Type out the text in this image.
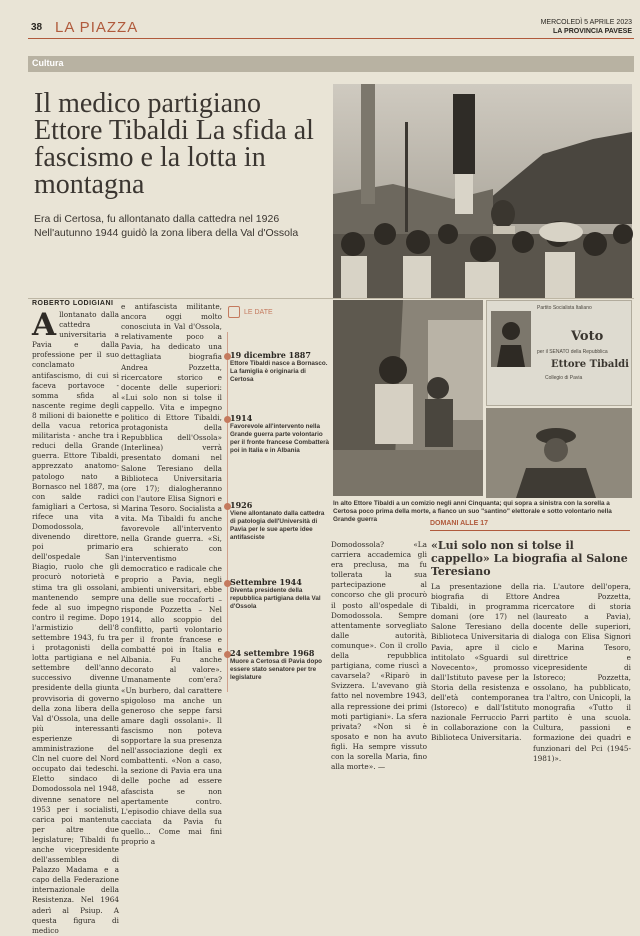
38 LA PIAZZA	MERCOLEDÌ 5 APRILE 2023
LA PROVINCIA PAVESE
Cultura
Il medico partigiano Ettore Tibaldi La sfida al fascismo e la lotta in montagna
Era di Certosa, fu allontanato dalla cattedra nel 1926 Nell'autunno 1944 guidò la zona libera della Val d'Ossola
ROBERTO LODIGIANI
Allontanato dalla cattedra universitaria a Pavia e dalla professione per il suo conclamato antifascismo, di cui si faceva portavoce - somma sfida al nascente regime degli 8 milioni di baionette e della vacua retorica militarista - anche tra i reduci della Grande guerra. Ettore Tibaldi, apprezzato anatomo-patologo nato a Bornasco nel 1887, ma con salde radici famigliari a Certosa, si rifece una vita a Domodossola, divenendo direttore, poi primario dell'ospedale San Biagio, ruolo che gli procurò notorietà e stima tra gli ossolani, mantenendo sempre fede al suo impegno contro il regime. Dopo l'armistizio dell'8 settembre 1943, fu tra i protagonisti della lotta partigiana e nel settembre dell'anno successivo divenne presidente della giunta provvisoria di governo della zona libera della Val d'Ossola, una delle più interessanti esperienze di amministrazione del Cln nel cuore del Nord occupato dai tedeschi. Eletto sindaco di Domodossola nel 1948, divenne senatore nel 1953 per i socialisti, carica poi mantenuta per altre due legislature; Tibaldi fu anche vicepresidente dell'assemblea di Palazzo Madama e a capo della Federazione internazionale della Resistenza. Nel 1964 aderì al Psiup. A questa figura di medico
e antifascista militante, ancora oggi molto conosciuta in Val d'Ossola, relativamente poco a Pavia, ha dedicato una dettagliata biografia Andrea Pozzetta, ricercatore storico e docente delle superiori: «Lui solo non si tolse il cappello. Vita e impegno politico di Ettore Tibaldi, protagonista della Repubblica dell'Ossola» (Interlinea) verrà presentato domani nel Salone Teresiano della Biblioteca Universitaria (ore 17); dialogheranno con l'autore Elisa Signori e Marina Tesoro. Socialista a vita. Ma Tibaldi fu anche favorevole all'intervento nella Grande guerra. «Si, era schierato con l'interventismo democratico e radicale che proprio a Pavia, negli ambienti universitari, ebbe una delle sue roccaforti – risponde Pozzetta – Nel 1914, allo scoppio del conflitto, partì volontario per il fronte francese e combatté poi in Italia e Albania. Fu anche decorato al valore». Umanamente com'era? «Un burbero, dal carattere spigoloso ma anche un generoso che seppe farsi amare dagli ossolani». Il fascismo non poteva sopportare la sua presenza nell'associazione degli ex combattenti. «Non a caso, la sezione di Pavia era una delle poche ad essere afascista se non apertamente contro. L'episodio chiave della sua cacciata da Pavia fu quello... Come mai fini proprio a
LE DATE
19 dicembre 1887
Ettore Tibaldi nasce a Bornasco. La famiglia è originaria di Certosa
1914
Favorevole all'intervento nella Grande guerra parte volontario per il fronte francese Combatterà poi in Italia e in Albania
1926
Viene allontanato dalla cattedra di patologia dell'Università di Pavia per le sue aperte idee antifasciste
Settembre 1944
Diventa presidente della repubblica partigiana della Val d'Ossola
24 settembre 1968
Muore a Certosa di Pavia dopo essere stato senatore per tre legislature
Partito Socialista Italiano
Voto
per il SENATO della Repubblica
Ettore Tibaldi
Collegio di Pavia
In alto Ettore Tibaldi a un comizio negli anni Cinquanta; qui sopra a sinistra con la sorella a Certosa poco prima della morte, a fianco un suo "santino" elettorale e sotto volontario nella Grande guerra
Domodossola? «La carriera accademica gli era preclusa, ma fu tollerata la sua partecipazione al concorso che gli procurò il posto all'ospedale di Domodossola. Sempre attentamente sorvegliato dalle autorità, comunque». Con il crollo della repubblica partigiana, come riuscì a cavarsela? «Riparò in Svizzera. L'avevano già fatto nel novembre 1943, alla repressione dei primi moti partigiani». La sfera privata? «Non si è sposato e non ha avuto figli. Ha sempre vissuto con la sorella Maria, fino alla morte». —
DOMANI ALLE 17
«Lui solo non si tolse il cappello» La biografia al Salone Teresiano
La presentazione della biografia di Ettore Tibaldi, in programma domani (ore 17) nel Salone Teresiano della Biblioteca Universitaria di Pavia, apre il ciclo intitolato «Sguardi sul Novecento», promosso dall'Istituto pavese per la Storia della resistenza e dell'età contemporanea (Istoreco) e dall'Istituto nazionale Ferruccio Parri in collaborazione con la Biblioteca Universitaria.
ria. L'autore dell'opera, Andrea Pozzetta, ricercatore di storia (laureato a Pavia), docente delle superiori, dialoga con Elisa Signori e Marina Tesoro, direttrice e vicepresidente di Istoreco; Pozzetta, ossolano, ha pubblicato, tra l'altro, con Unicopli, la monografia «Tutto il partito è una scuola. Cultura, passioni e formazione dei quadri e funzionari del Pci (1945-1981)».
